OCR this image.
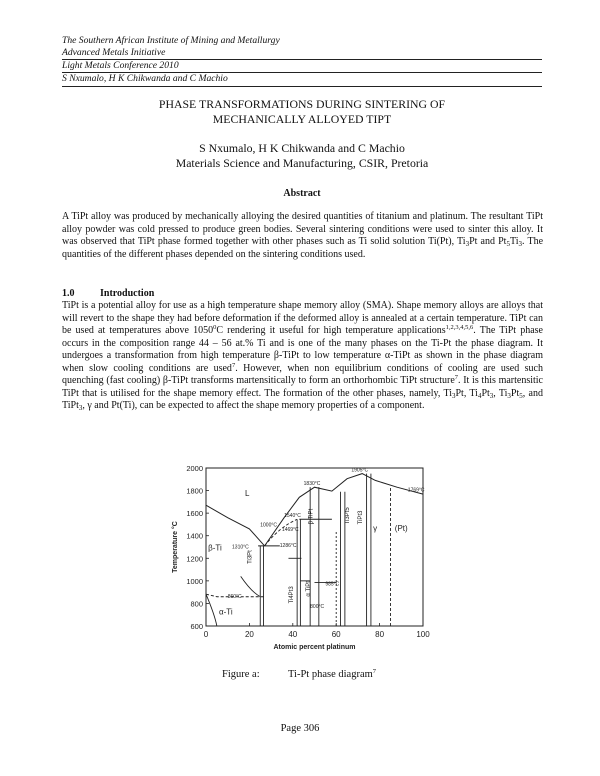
The Southern African Institute of Mining and Metallurgy
Advanced Metals Initiative
Light Metals Conference 2010
S Nxumalo, H K Chikwanda and C Machio
PHASE TRANSFORMATIONS DURING SINTERING OF
MECHANICALLY ALLOYED TIPT
S Nxumalo, H K Chikwanda and C Machio
Materials Science and Manufacturing, CSIR, Pretoria
Abstract
A TiPt alloy was produced by mechanically alloying the desired quantities of titanium and platinum. The resultant TiPt alloy powder was cold pressed to produce green bodies. Several sintering conditions were used to sinter this alloy. It was observed that TiPt phase formed together with other phases such as Ti solid solution Ti(Pt), $Ti_3Pt$ and $Pt_5Ti_3$. The quantities of the different phases depended on the sintering conditions used.
1.0	Introduction
TiPt is a potential alloy for use as a high temperature shape memory alloy (SMA). Shape memory alloys are alloys that will revert to the shape they had before deformation if the deformed alloy is annealed at a certain temperature. TiPt can be used at temperatures above 1050$^0$C rendering it useful for high temperature applications$^{1,2,3,4,5,6}$. The TiPt phase occurs in the composition range 44 – 56 at.% Ti and is one of the many phases on the Ti-Pt the phase diagram. It undergoes a transformation from high temperature β-TiPt to low temperature α-TiPt as shown in the phase diagram when slow cooling conditions are used$^7$. However, when non equilibrium conditions of cooling are used such quenching (fast cooling) β-TiPt transforms martensitically to form an orthorhombic TiPt structure$^7$. It is this martensitic TiPt that is utilised for the shape memory effect. The formation of the other phases, namely, $Ti_3Pt$, $Ti_4Pt_3$, $Ti_3Pt_5$, and TiPt$_3$, γ and Pt(Ti), can be expected to affect the shape memory properties of a component.
0	20	40	60	80	100
600
800
1000
1200
1400
1600
1800
2000
Atomic percent platinum
Temperature °C
L
β-Ti
α-Ti
Ti3Pt
Ti4Pt3
β TiPt
α TiPt
Ti3Pt5 TiPt3
γ (Pt)
1310°C
1469°C
1540°C
1830°C
1905°C
1769°C
1286°C
1000°C
860°C
985°C
800°C
Figure a:	Ti-Pt phase diagram$^7$
Page 306
